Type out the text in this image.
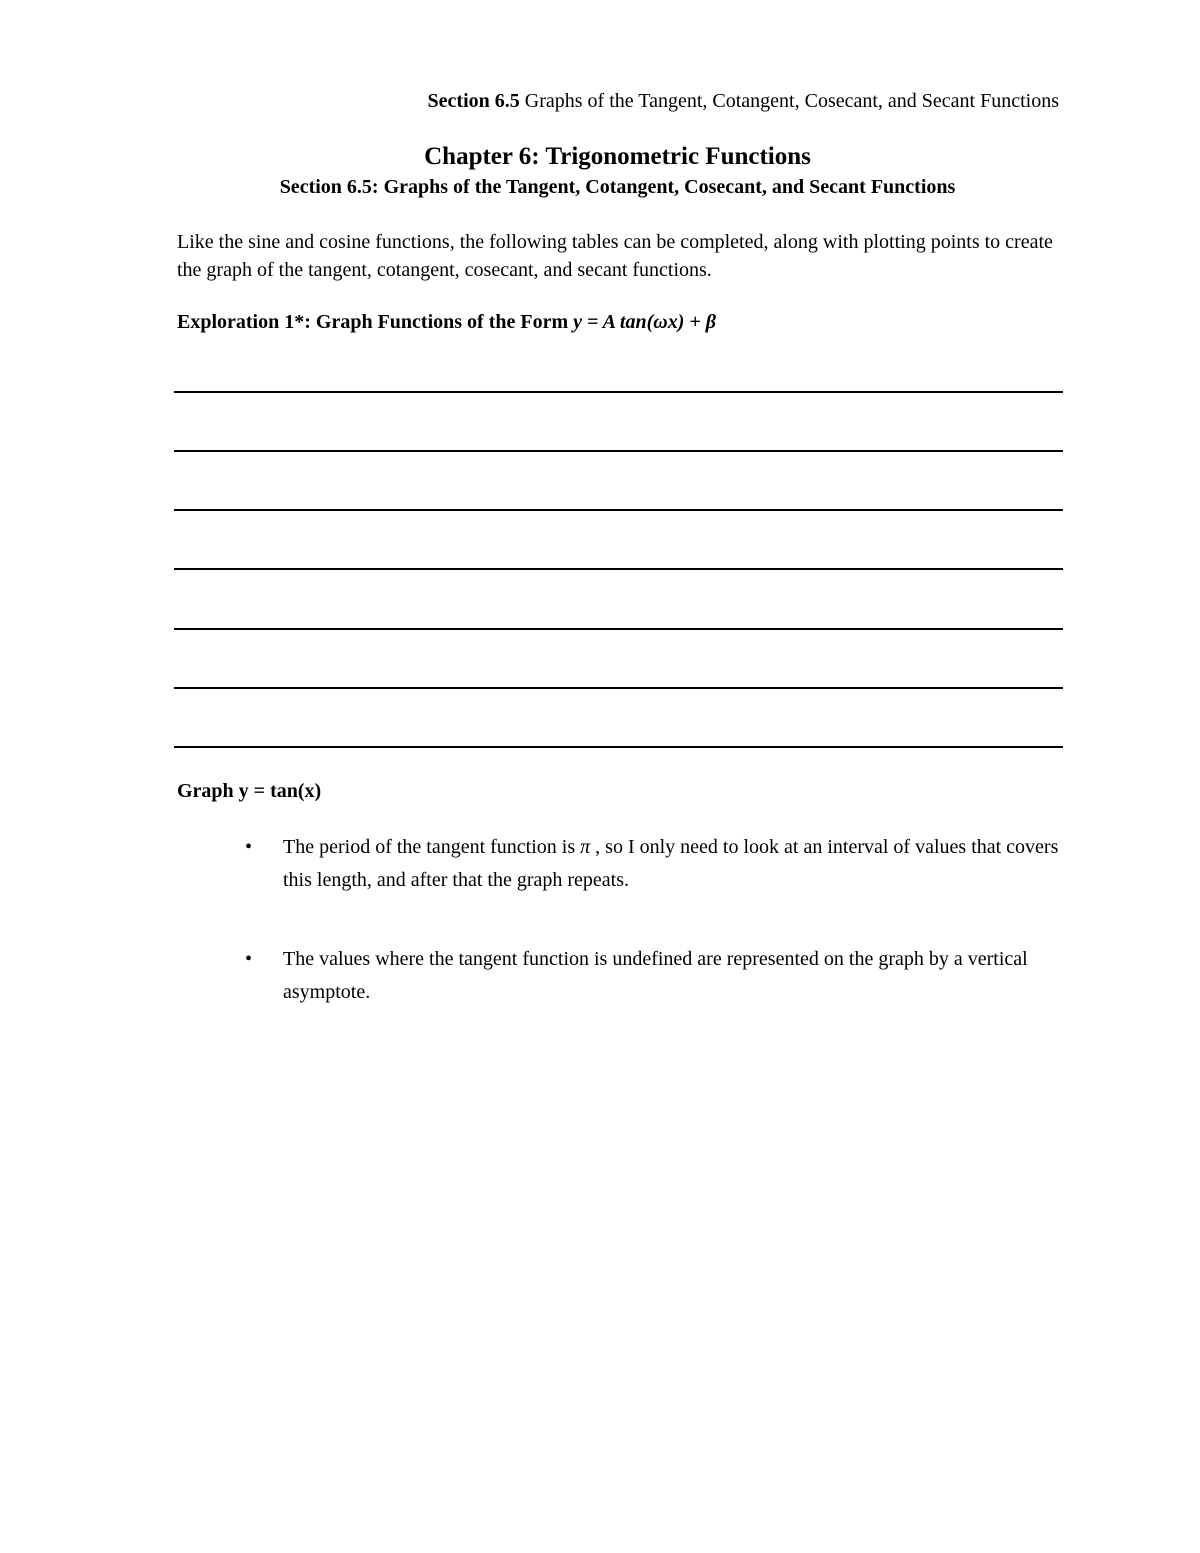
Section 6.5 Graphs of the Tangent, Cotangent, Cosecant, and Secant Functions
Chapter 6: Trigonometric Functions
Section 6.5: Graphs of the Tangent, Cotangent, Cosecant, and Secant Functions
Like the sine and cosine functions, the following tables can be completed, along with plotting points to create the graph of the tangent, cotangent, cosecant, and secant functions.
Exploration 1*: Graph Functions of the Form y = A tan(ωx) + β
Graph y = tan(x)
• The period of the tangent function is π , so I only need to look at an interval of values that covers this length, and after that the graph repeats.
• The values where the tangent function is undefined are represented on the graph by a vertical asymptote.
